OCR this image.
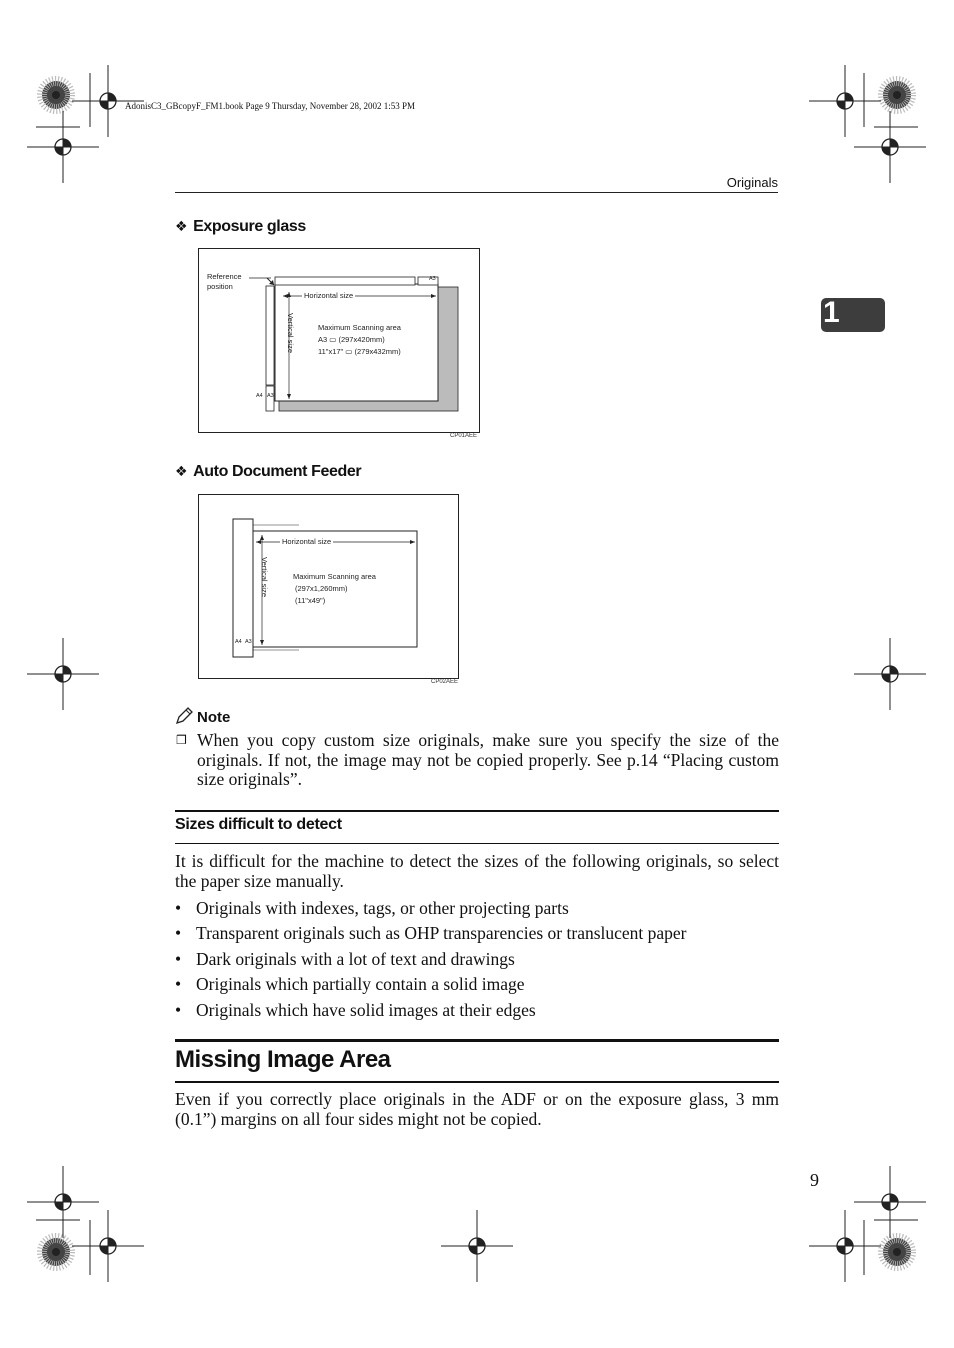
AdonisC3_GBcopyF_FM1.book Page 9 Thursday, November 28, 2002 1:53 PM
Originals
1
❖ Exposure glass
Reference
position
Horizontal size
Vertical size	Maximum Scanning area
A3 ▭ (297x420mm)
11"x17" ▭ (279x432mm)
A4 A3
A3
CP01AEE
❖ Auto Document Feeder
Horizontal size
Vertical size	Maximum Scanning area
(297x1,260mm)
(11"x49")
A4 A3
CP02AEE
Note
❒ When you copy custom size originals, make sure you specify the size of the originals. If not, the image may not be copied properly. See p.14 “Placing custom size originals”.
Sizes difficult to detect
It is difficult for the machine to detect the sizes of the following originals, so select the paper size manually.
• Originals with indexes, tags, or other projecting parts
• Transparent originals such as OHP transparencies or translucent paper
• Dark originals with a lot of text and drawings
• Originals which partially contain a solid image
• Originals which have solid images at their edges
Missing Image Area
Even if you correctly place originals in the ADF or on the exposure glass, 3 mm (0.1”) margins on all four sides might not be copied.
9
